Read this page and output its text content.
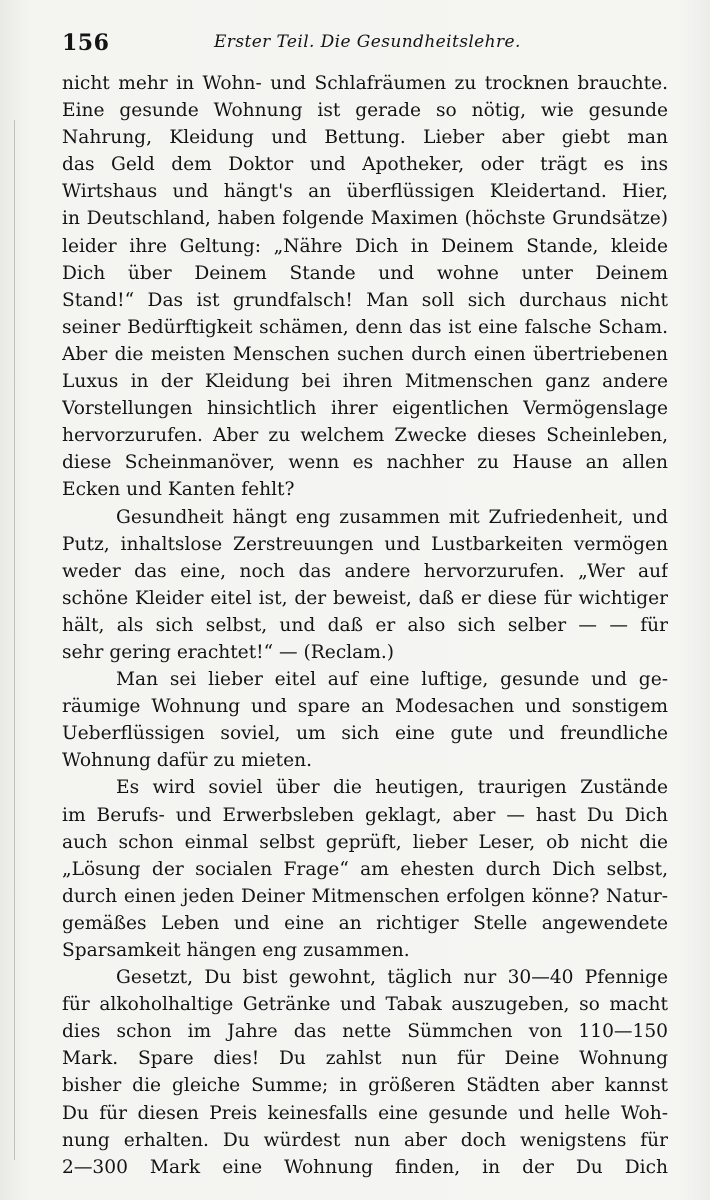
156	Erster Teil. Die Gesundheitslehre.
nicht mehr in Wohn- und Schlafräumen zu trocknen brauchte.
Eine gesunde Wohnung ist gerade so nötig, wie gesunde
Nahrung, Kleidung und Bettung. Lieber aber giebt man
das Geld dem Doktor und Apotheker, oder trägt es ins
Wirtshaus und hängt's an überflüssigen Kleidertand. Hier,
in Deutschland, haben folgende Maximen (höchste Grundsätze)
leider ihre Geltung: „Nähre Dich in Deinem Stande, kleide
Dich über Deinem Stande und wohne unter Deinem
Stand!“ Das ist grundfalsch! Man soll sich durchaus nicht
seiner Bedürftigkeit schämen, denn das ist eine falsche Scham.
Aber die meisten Menschen suchen durch einen übertriebenen
Luxus in der Kleidung bei ihren Mitmenschen ganz andere
Vorstellungen hinsichtlich ihrer eigentlichen Vermögenslage
hervorzurufen. Aber zu welchem Zwecke dieses Scheinleben,
diese Scheinmanöver, wenn es nachher zu Hause an allen
Ecken und Kanten fehlt?
Gesundheit hängt eng zusammen mit Zufriedenheit, und
Putz, inhaltslose Zerstreuungen und Lustbarkeiten vermögen
weder das eine, noch das andere hervorzurufen. „Wer auf
schöne Kleider eitel ist, der beweist, daß er diese für wichtiger
hält, als sich selbst, und daß er also sich selber — — für
sehr gering erachtet!“ — (Reclam.)
Man sei lieber eitel auf eine luftige, gesunde und ge-
räumige Wohnung und spare an Modesachen und sonstigem
Ueberflüssigen soviel, um sich eine gute und freundliche
Wohnung dafür zu mieten.
Es wird soviel über die heutigen, traurigen Zustände
im Berufs- und Erwerbsleben geklagt, aber — hast Du Dich
auch schon einmal selbst geprüft, lieber Leser, ob nicht die
„Lösung der socialen Frage“ am ehesten durch Dich selbst,
durch einen jeden Deiner Mitmenschen erfolgen könne? Natur-
gemäßes Leben und eine an richtiger Stelle angewendete
Sparsamkeit hängen eng zusammen.
Gesetzt, Du bist gewohnt, täglich nur 30—40 Pfennige
für alkoholhaltige Getränke und Tabak auszugeben, so macht
dies schon im Jahre das nette Sümmchen von 110—150
Mark. Spare dies! Du zahlst nun für Deine Wohnung
bisher die gleiche Summe; in größeren Städten aber kannst
Du für diesen Preis keinesfalls eine gesunde und helle Woh-
nung erhalten. Du würdest nun aber doch wenigstens für
2—300 Mark eine Wohnung finden, in der Du Dich
